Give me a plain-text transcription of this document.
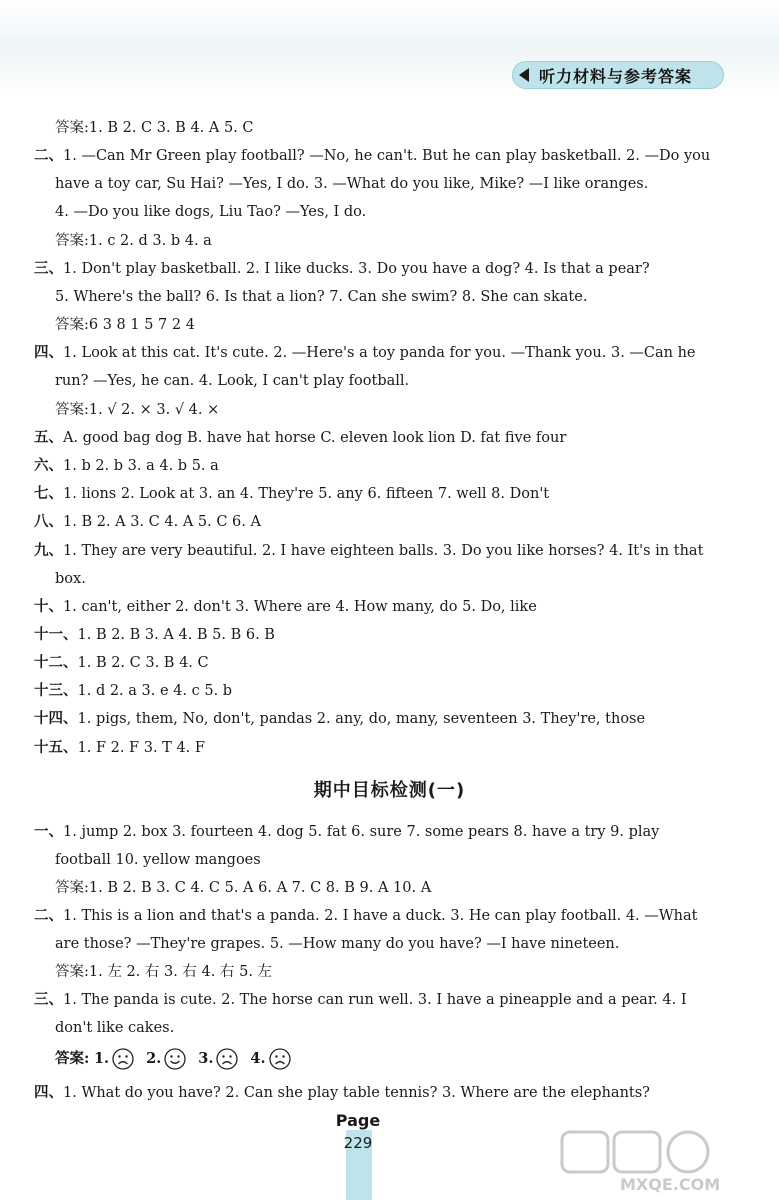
听力材料与参考答案
答案:1. B 2. C 3. B 4. A 5. C
二、1. —Can Mr Green play football? —No, he can't. But he can play basketball. 2. —Do you
have a toy car, Su Hai? —Yes, I do. 3. —What do you like, Mike? —I like oranges.
4. —Do you like dogs, Liu Tao? —Yes, I do.
答案:1. c 2. d 3. b 4. a
三、1. Don't play basketball. 2. I like ducks. 3. Do you have a dog? 4. Is that a pear?
5. Where's the ball? 6. Is that a lion? 7. Can she swim? 8. She can skate.
答案:6 3 8 1 5 7 2 4
四、1. Look at this cat. It's cute. 2. —Here's a toy panda for you. —Thank you. 3. —Can he
run? —Yes, he can. 4. Look, I can't play football.
答案:1. √ 2. × 3. √ 4. ×
五、A. good bag dog B. have hat horse C. eleven look lion D. fat five four
六、1. b 2. b 3. a 4. b 5. a
七、1. lions 2. Look at 3. an 4. They're 5. any 6. fifteen 7. well 8. Don't
八、1. B 2. A 3. C 4. A 5. C 6. A
九、1. They are very beautiful. 2. I have eighteen balls. 3. Do you like horses? 4. It's in that
box.
十、1. can't, either 2. don't 3. Where are 4. How many, do 5. Do, like
十一、1. B 2. B 3. A 4. B 5. B 6. B
十二、1. B 2. C 3. B 4. C
十三、1. d 2. a 3. e 4. c 5. b
十四、1. pigs, them, No, don't, pandas 2. any, do, many, seventeen 3. They're, those
十五、1. F 2. F 3. T 4. F
一、1. jump 2. box 3. fourteen 4. dog 5. fat 6. sure 7. some pears 8. have a try 9. play
football 10. yellow mangoes
答案:1. B 2. B 3. C 4. C 5. A 6. A 7. C 8. B 9. A 10. A
二、1. This is a lion and that's a panda. 2. I have a duck. 3. He can play football. 4. —What
are those? —They're grapes. 5. —How many do you have? —I have nineteen.
答案:1. 左 2. 右 3. 右 4. 右 5. 左
三、1. The panda is cute. 2. The horse can run well. 3. I have a pineapple and a pear. 4. I
don't like cakes.
四、1. What do you have? 2. Can she play table tennis? 3. Where are the elephants?
期中目标检测(一)
答案: 1.	2.	3.	4.
Page
229
MXQE.COM
